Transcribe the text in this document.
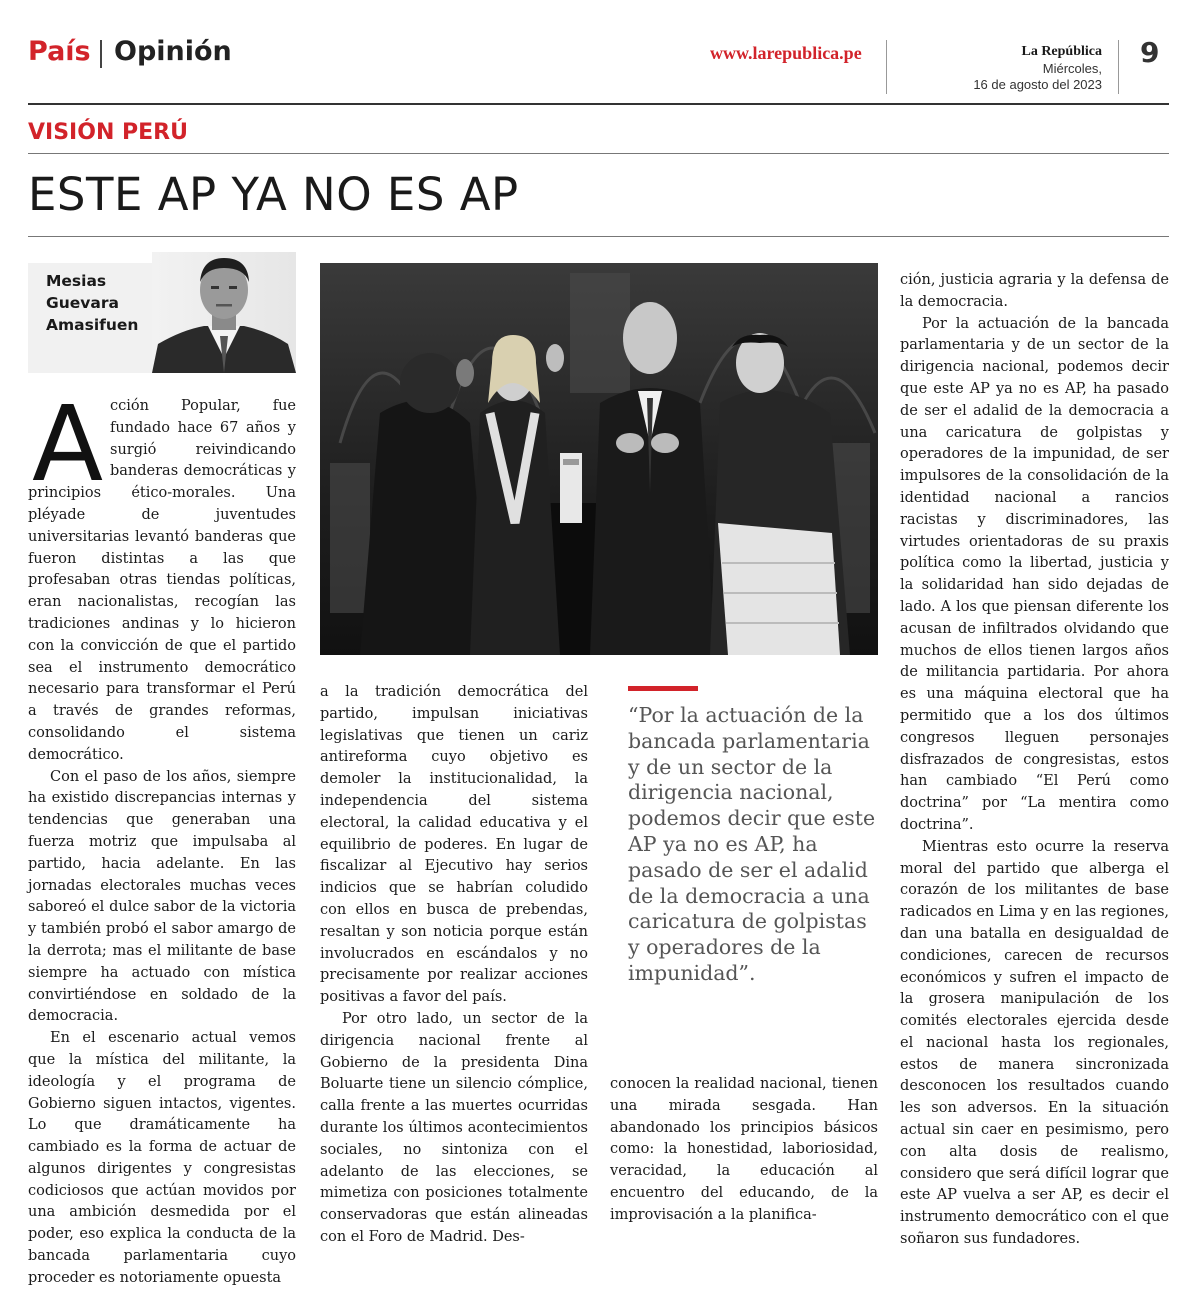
País Opinión	www.larepublica.pe	La República
Miércoles,
16 de agosto del 2023
9
VISIÓN PERÚ
ESTE AP YA NO ES AP
Mesias
Guevara
Amasifuen
A cción Popular, fue fundado hace 67 años y surgió reivindicando banderas democráticas y principios ético-morales. Una pléyade de juventudes universitarias levantó banderas que fueron distintas a las que profesaban otras tiendas políticas, eran nacionalistas, recogían las tradiciones andinas y lo hicieron con la convicción de que el partido sea el instrumento democrático necesario para transformar el Perú a través de grandes reformas, consolidando el sistema democrático.

Con el paso de los años, siempre ha existido discrepancias internas y tendencias que generaban una fuerza motriz que impulsaba al partido, hacia adelante. En las jornadas electorales muchas veces saboreó el dulce sabor de la victoria y también probó el sabor amargo de la derrota; mas el militante de base siempre ha actuado con mística convirtiéndose en soldado de la democracia.

En el escenario actual vemos que la mística del militante, la ideología y el programa de Gobierno siguen intactos, vigentes. Lo que dramáticamente ha cambiado es la forma de actuar de algunos dirigentes y congresistas codiciosos que actúan movidos por una ambición desmedida por el poder, eso explica la conducta de la bancada parlamentaria cuyo proceder es notoriamente opuesta

a la tradición democrática del partido, impulsan iniciativas legislativas que tienen un cariz antireforma cuyo objetivo es demoler la institucionalidad, la independencia del sistema electoral, la calidad educativa y el equilibrio de poderes. En lugar de fiscalizar al Ejecutivo hay serios indicios que se habrían coludido con ellos en busca de prebendas, resaltan y son noticia porque están involucrados en escándalos y no precisamente por realizar acciones positivas a favor del país.

Por otro lado, un sector de la dirigencia nacional frente al Gobierno de la presidenta Dina Boluarte tiene un silencio cómplice, calla frente a las muertes ocurridas durante los últimos acontecimientos sociales, no sintoniza con el adelanto de las elecciones, se mimetiza con posiciones totalmente conservadoras que están alineadas con el Foro de Madrid. Des-

“Por la actuación de la bancada parlamentaria y de un sector de la dirigencia nacional, podemos decir que este AP ya no es AP, ha pasado de ser el adalid de la democracia a una caricatura de golpistas y operadores de la impunidad”.

conocen la realidad nacional, tienen una mirada sesgada. Han abandonado los principios básicos como: la honestidad, laboriosidad, veracidad, la educación al encuentro del educando, de la improvisación a la planifica-

ción, justicia agraria y la defensa de la democracia.

Por la actuación de la bancada parlamentaria y de un sector de la dirigencia nacional, podemos decir que este AP ya no es AP, ha pasado de ser el adalid de la democracia a una caricatura de golpistas y operadores de la impunidad, de ser impulsores de la consolidación de la identidad nacional a rancios racistas y discriminadores, las virtudes orientadoras de su praxis política como la libertad, justicia y la solidaridad han sido dejadas de lado. A los que piensan diferente los acusan de infiltrados olvidando que muchos de ellos tienen largos años de militancia partidaria. Por ahora es una máquina electoral que ha permitido que a los dos últimos congresos lleguen personajes disfrazados de congresistas, estos han cambiado “El Perú como doctrina” por “La mentira como doctrina”.

Mientras esto ocurre la reserva moral del partido que alberga el corazón de los militantes de base radicados en Lima y en las regiones, dan una batalla en desigualdad de condiciones, carecen de recursos económicos y sufren el impacto de la grosera manipulación de los comités electorales ejercida desde el nacional hasta los regionales, estos de manera sincronizada desconocen los resultados cuando les son adversos. En la situación actual sin caer en pesimismo, pero con alta dosis de realismo, considero que será difícil lograr que este AP vuelva a ser AP, es decir el instrumento democrático con el que soñaron sus fundadores.
